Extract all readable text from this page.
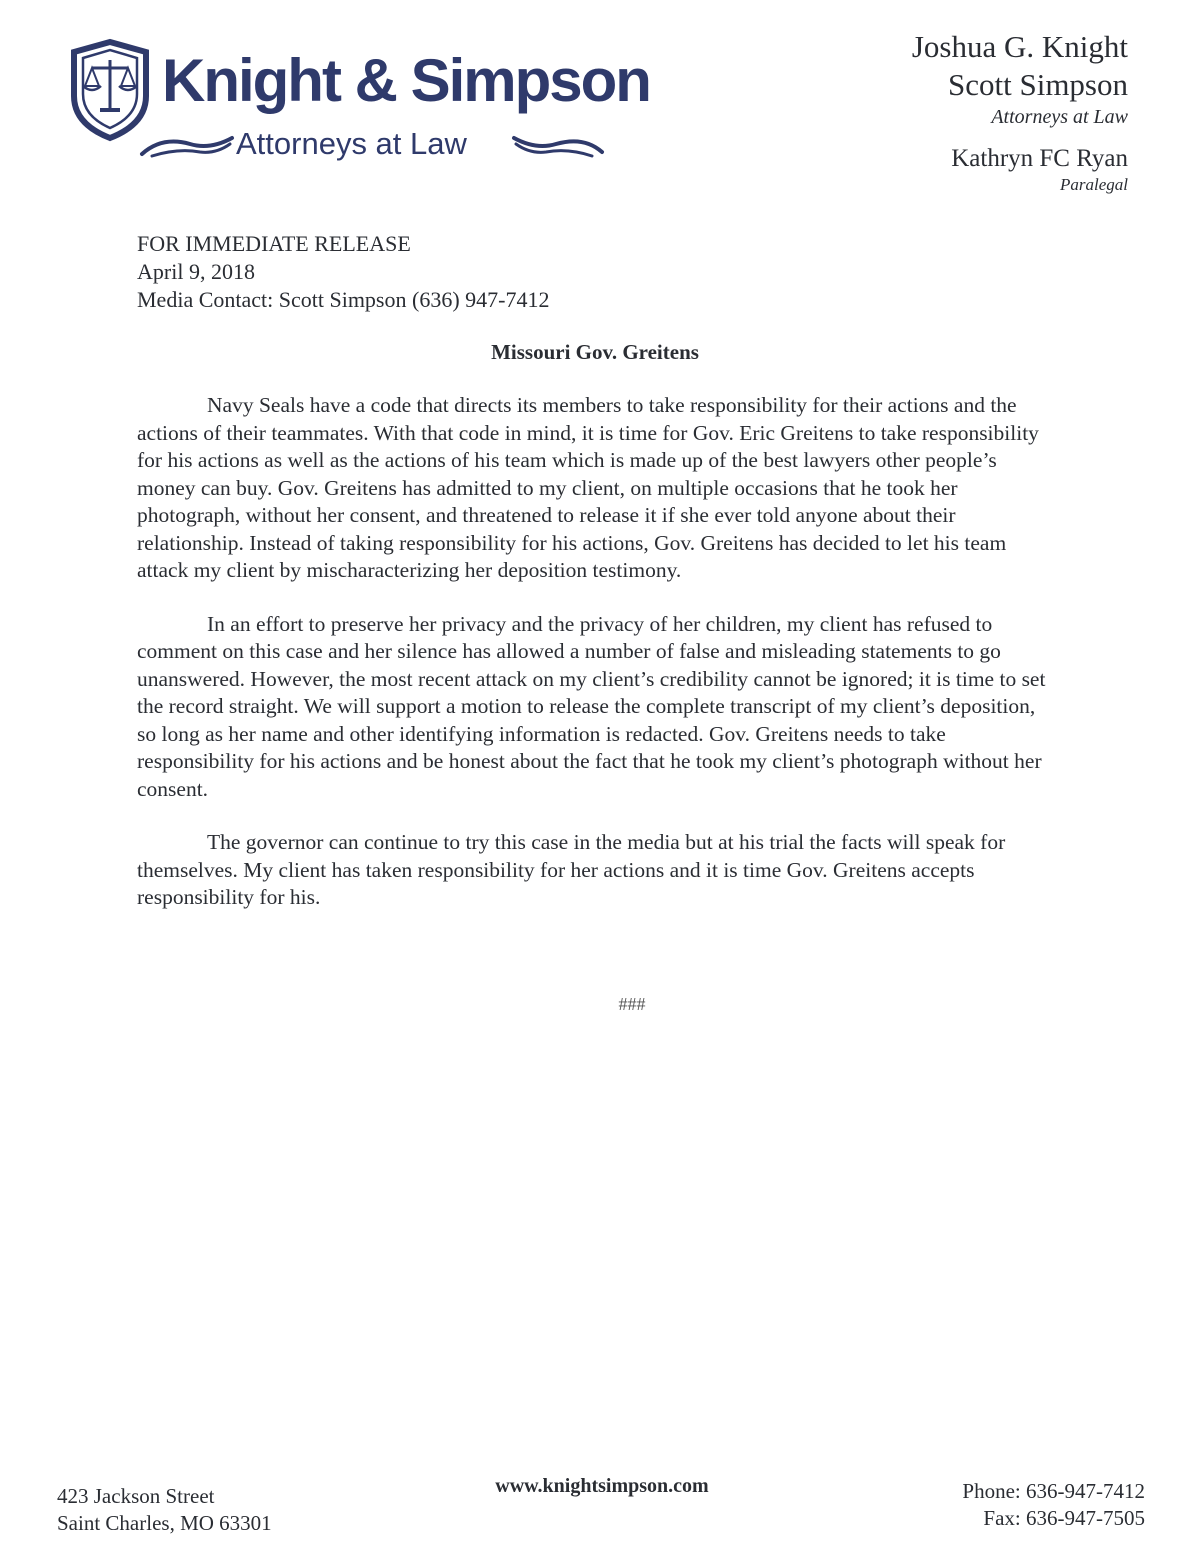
Knight & Simpson
Attorneys at Law
Joshua G. Knight
Scott Simpson
Attorneys at Law
Kathryn FC Ryan
Paralegal
FOR IMMEDIATE RELEASE
April 9, 2018
Media Contact: Scott Simpson (636) 947-7412
Missouri Gov. Greitens

Navy Seals have a code that directs its members to take responsibility for their actions and the actions of their teammates. With that code in mind, it is time for Gov. Eric Greitens to take responsibility for his actions as well as the actions of his team which is made up of the best lawyers other people’s money can buy. Gov. Greitens has admitted to my client, on multiple occasions that he took her photograph, without her consent, and threatened to release it if she ever told anyone about their relationship. Instead of taking responsibility for his actions, Gov. Greitens has decided to let his team attack my client by mischaracterizing her deposition testimony.

In an effort to preserve her privacy and the privacy of her children, my client has refused to comment on this case and her silence has allowed a number of false and misleading statements to go unanswered. However, the most recent attack on my client’s credibility cannot be ignored; it is time to set the record straight. We will support a motion to release the complete transcript of my client’s deposition, so long as her name and other identifying information is redacted. Gov. Greitens needs to take responsibility for his actions and be honest about the fact that he took my client’s photograph without her consent.

The governor can continue to try this case in the media but at his trial the facts will speak for themselves. My client has taken responsibility for her actions and it is time Gov. Greitens accepts responsibility for his.

###
423 Jackson Street
Saint Charles, MO 63301
www.knightsimpson.com	Phone: 636-947-7412
Fax: 636-947-7505
